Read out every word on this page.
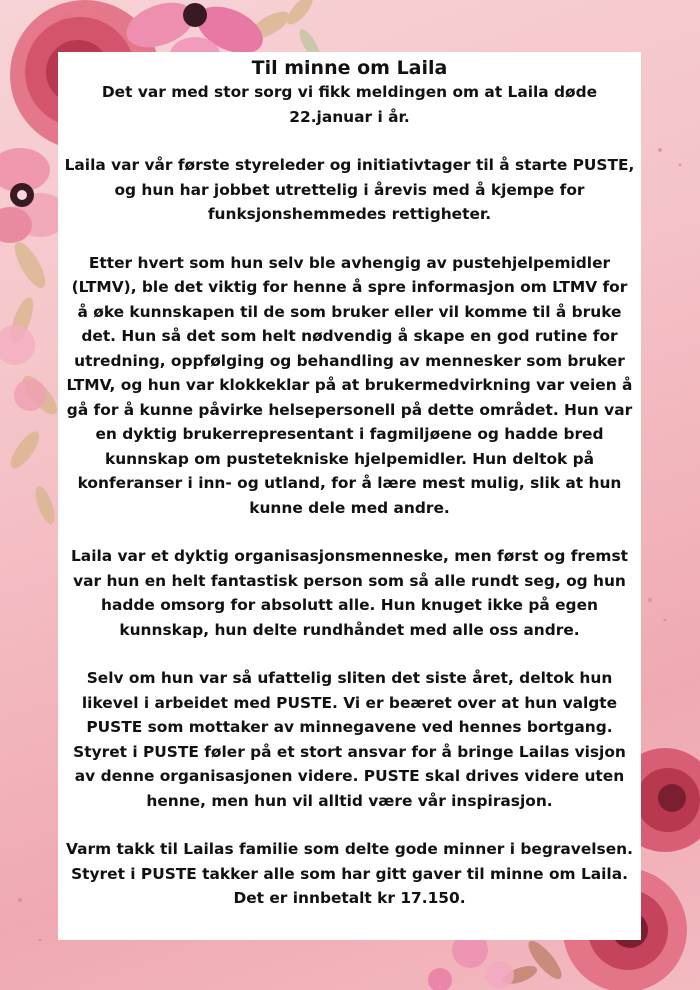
Til minne om Laila

Det var med stor sorg vi fikk meldingen om at Laila døde 22.januar i år.

Laila var vår første styreleder og initiativtager til å starte PUSTE, og hun har jobbet utrettelig i årevis med å kjempe for funksjonshemmedes rettigheter.

Etter hvert som hun selv ble avhengig av pustehjelpemidler (LTMV), ble det viktig for henne å spre informasjon om LTMV for å øke kunnskapen til de som bruker eller vil komme til å bruke det. Hun så det som helt nødvendig å skape en god rutine for utredning, oppfølging og behandling av mennesker som bruker LTMV, og hun var klokkeklar på at brukermedvirkning var veien å gå for å kunne påvirke helsepersonell på dette området. Hun var en dyktig brukerrepresentant i fagmiljøene og hadde bred kunnskap om pustetekniske hjelpemidler. Hun deltok på konferanser i inn- og utland, for å lære mest mulig, slik at hun kunne dele med andre.

Laila var et dyktig organisasjonsmenneske, men først og fremst var hun en helt fantastisk person som så alle rundt seg, og hun hadde omsorg for absolutt alle. Hun knuget ikke på egen kunnskap, hun delte rundhåndet med alle oss andre.

Selv om hun var så ufattelig sliten det siste året, deltok hun likevel i arbeidet med PUSTE. Vi er beæret over at hun valgte PUSTE som mottaker av minnegavene ved hennes bortgang. Styret i PUSTE føler på et stort ansvar for å bringe Lailas visjon av denne organisasjonen videre. PUSTE skal drives videre uten henne, men hun vil alltid være vår inspirasjon.

Varm takk til Lailas familie som delte gode minner i begravelsen. Styret i PUSTE takker alle som har gitt gaver til minne om Laila. Det er innbetalt kr 17.150.
